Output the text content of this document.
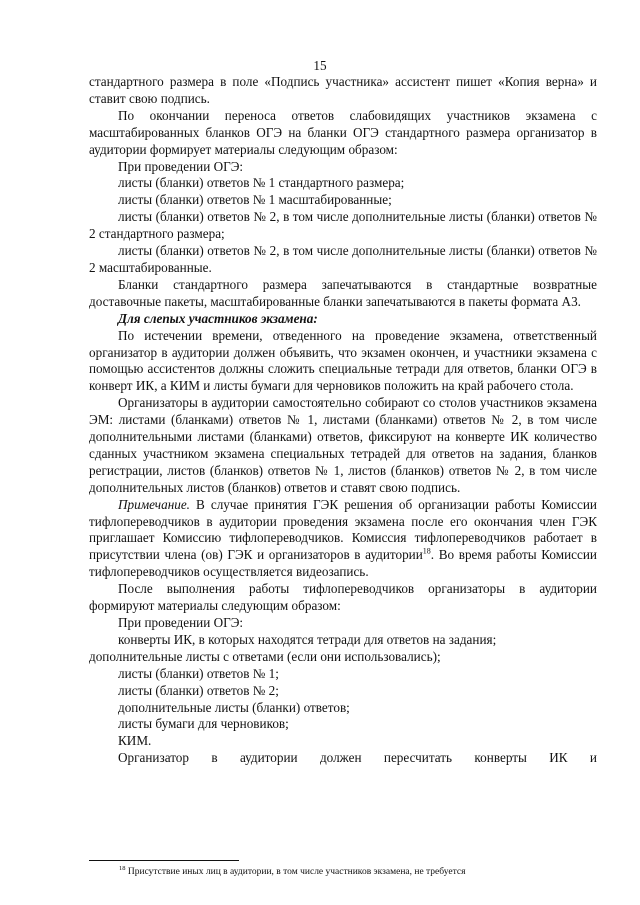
15

стандартного размера в поле «Подпись участника» ассистент пишет «Копия верна» и ставит свою подпись.

По окончании переноса ответов слабовидящих участников экзамена с масштабированных бланков ОГЭ на бланки ОГЭ стандартного размера организатор в аудитории формирует материалы следующим образом:

При проведении ОГЭ:

листы (бланки) ответов № 1 стандартного размера;

листы (бланки) ответов № 1 масштабированные;

листы (бланки) ответов № 2, в том числе дополнительные листы (бланки) ответов № 2 стандартного размера;

листы (бланки) ответов № 2, в том числе дополнительные листы (бланки) ответов № 2 масштабированные.

Бланки стандартного размера запечатываются в стандартные возвратные доставочные пакеты, масштабированные бланки запечатываются в пакеты формата А3.

Для слепых участников экзамена:

По истечении времени, отведенного на проведение экзамена, ответственный организатор в аудитории должен объявить, что экзамен окончен, и участники экзамена с помощью ассистентов должны сложить специальные тетради для ответов, бланки ОГЭ в конверт ИК, а КИМ и листы бумаги для черновиков положить на край рабочего стола.

Организаторы в аудитории самостоятельно собирают со столов участников экзамена ЭМ: листами (бланками) ответов № 1, листами (бланками) ответов № 2, в том числе дополнительными листами (бланками) ответов, фиксируют на конверте ИК количество сданных участником экзамена специальных тетрадей для ответов на задания, бланков регистрации, листов (бланков) ответов № 1, листов (бланков) ответов № 2, в том числе дополнительных листов (бланков) ответов и ставят свою подпись.

Примечание. В случае принятия ГЭК решения об организации работы Комиссии тифлопереводчиков в аудитории проведения экзамена после его окончания член ГЭК приглашает Комиссию тифлопереводчиков. Комиссия тифлопереводчиков работает в присутствии члена (ов) ГЭК и организаторов в аудитории$^{18}$. Во время работы Комиссии тифлопереводчиков осуществляется видеозапись.

После выполнения работы тифлопереводчиков организаторы в аудитории формируют материалы следующим образом:

При проведении ОГЭ:

конверты ИК, в которых находятся тетради для ответов на задания;

дополнительные листы с ответами (если они использовались);

листы (бланки) ответов № 1;

листы (бланки) ответов № 2;

дополнительные листы (бланки) ответов;

листы бумаги для черновиков;

КИМ.

Организатор в аудитории должен пересчитать конверты ИК и

$^{18}$ Присутствие иных лиц в аудитории, в том числе участников экзамена, не требуется
